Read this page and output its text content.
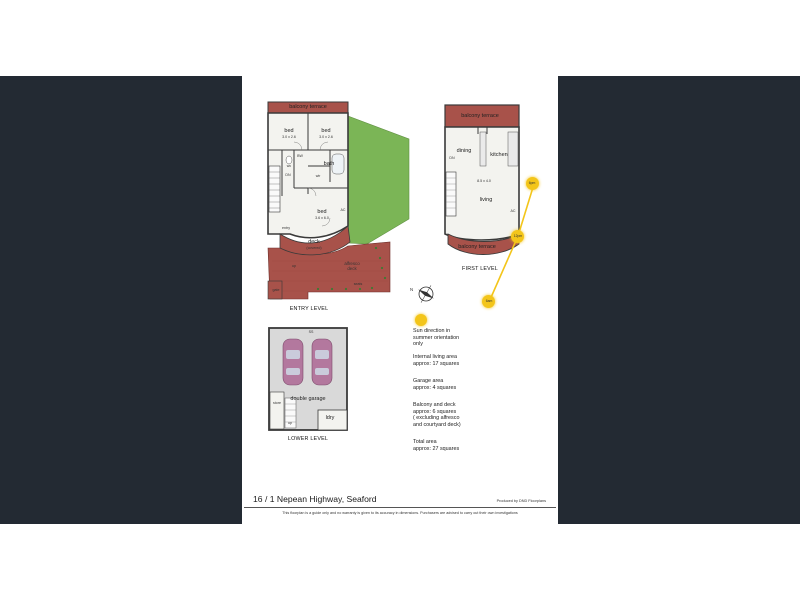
balcony terrace
bed
3.0 x 2.6
bed
3.0 x 2.6
bath
bed
3.6 x 6.0
deck
(covered)
alfresco
deck
up
gate
seats
wc
BW
wir
DN
entry
AC
ENTRY LEVEL
balcony terrace
dining
kitchen
8.5 x 4.0
living
balcony terrace
DN
AC
FIRST LEVEL
6pm
12pm
6am
N
double garage
ldry
store
up
SS
LOWER LEVEL
Sun direction in
summer orientation
only
Internal living area
approx: 17 squares
Garage area
approx: 4 squares
Balcony and deck
approx: 6 squares
( excluding alfresco
and courtyard deck)
Total area
approx: 27 squares
16 / 1 Nepean Highway, Seaford	Produced by DND Floorplans
This floorplan is a guide only and no warranty is given to its accuracy in dimensions. Purchasers are advised to carry out their own investigations
